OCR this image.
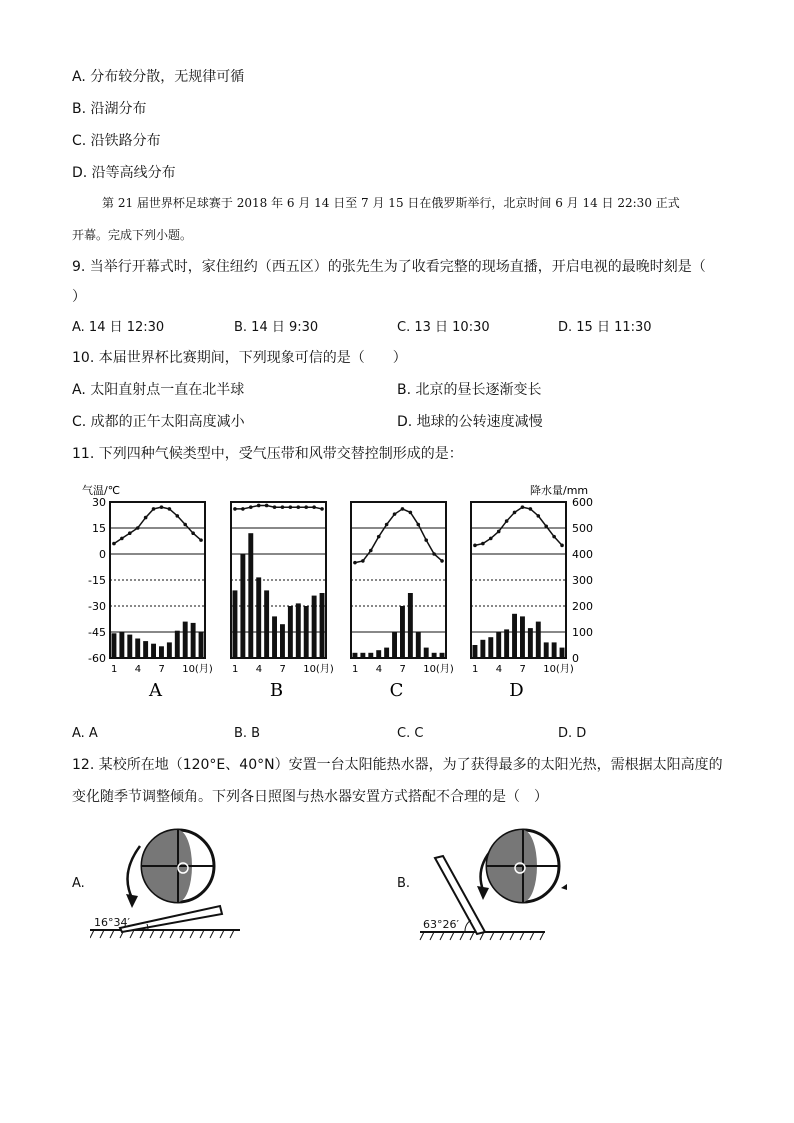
A. 分布较分散，无规律可循
B. 沿湖分布
C. 沿铁路分布
D. 沿等高线分布
第 21 届世界杯足球赛于 2018 年 6 月 14 日至 7 月 15 日在俄罗斯举行，北京时间 6 月 14 日 22:30 正式
开幕。完成下列小题。
9. 当举行开幕式时，家住纽约（西五区）的张先生为了收看完整的现场直播，开启电视的最晚时刻是（
）
A. 14 日 12:30	B. 14 日 9:30	C. 13 日 10:30	D. 15 日 11:30
10. 本届世界杯比赛期间，下列现象可信的是（　　）
A. 太阳直射点一直在北半球	B. 北京的昼长逐渐变长
C. 成都的正午太阳高度减小	D. 地球的公转速度减慢
11. 下列四种气候类型中，受气压带和风带交替控制形成的是：
气温/℃	降水量/mm
30
15
0
-15
-30
-45
-60
600
500
400
300
200
100
0
1 4 7 10(月)
A
1 4 7 10(月)
B
1 4 7 10(月)
C
1 4 7 10(月)
D
A. A	B. B	C. C	D. D
12. 某校所在地（120°E、40°N）安置一台太阳能热水器，为了获得最多的太阳光热，需根据太阳高度的
变化随季节调整倾角。下列各日照图与热水器安置方式搭配不合理的是（　）
A.	B.
16°34′	63°26′
